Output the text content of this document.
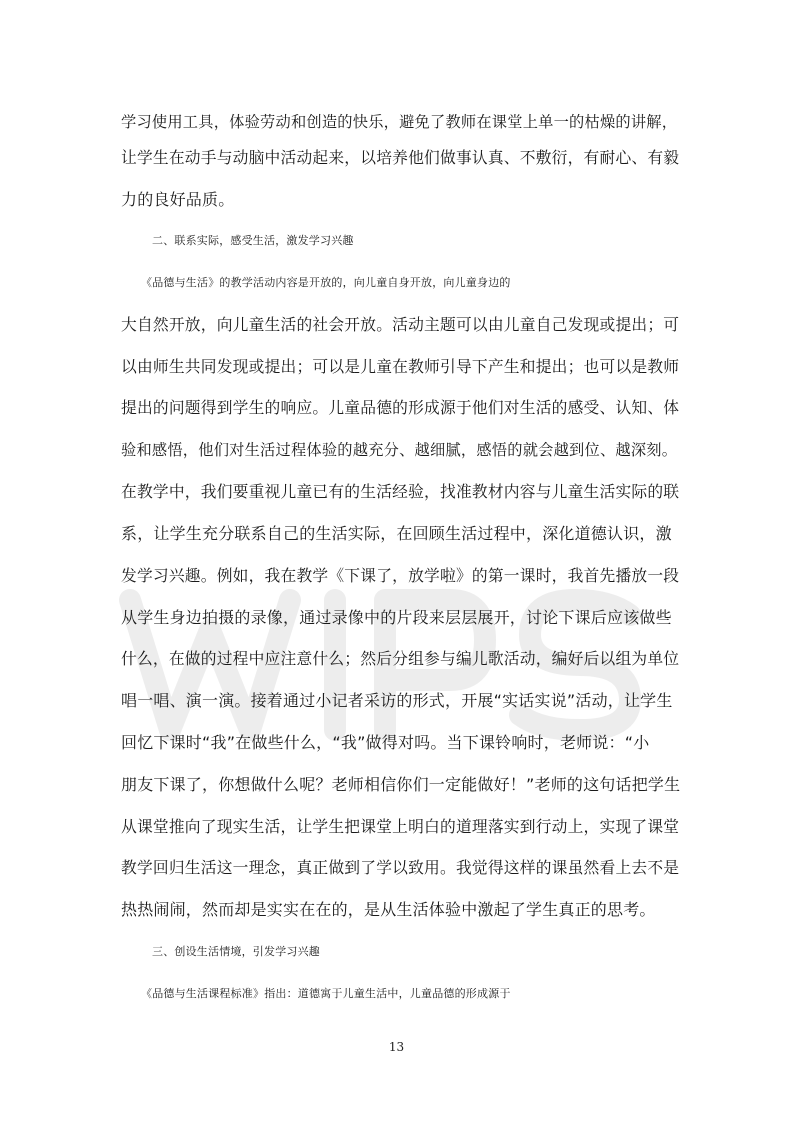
学习使用工具，体验劳动和创造的快乐，避免了教师在课堂上单一的枯燥的讲解，
让学生在动手与动脑中活动起来，以培养他们做事认真、不敷衍，有耐心、有毅
力的良好品质。
二、联系实际，感受生活，激发学习兴趣
《品德与生活》的教学活动内容是开放的，向儿童自身开放，向儿童身边的
大自然开放，向儿童生活的社会开放。活动主题可以由儿童自己发现或提出；可
以由师生共同发现或提出；可以是儿童在教师引导下产生和提出；也可以是教师
提出的问题得到学生的响应。儿童品德的形成源于他们对生活的感受、认知、体
验和感悟，他们对生活过程体验的越充分、越细腻，感悟的就会越到位、越深刻。
在教学中，我们要重视儿童已有的生活经验，找准教材内容与儿童生活实际的联
系，让学生充分联系自己的生活实际，在回顾生活过程中，深化道德认识，激
发学习兴趣。例如，我在教学《下课了，放学啦》的第一课时，我首先播放一段
从学生身边拍摄的录像，通过录像中的片段来层层展开，讨论下课后应该做些
什么，在做的过程中应注意什么；然后分组参与编儿歌活动，编好后以组为单位
唱一唱、演一演。接着通过小记者采访的形式，开展“实话实说”活动，让学生
回忆下课时“我”在做些什么，“我”做得对吗。当下课铃响时，老师说：“小
朋友下课了，你想做什么呢？老师相信你们一定能做好！”老师的这句话把学生
从课堂推向了现实生活，让学生把课堂上明白的道理落实到行动上，实现了课堂
教学回归生活这一理念，真正做到了学以致用。我觉得这样的课虽然看上去不是
热热闹闹，然而却是实实在在的，是从生活体验中激起了学生真正的思考。
三、创设生活情境，引发学习兴趣
《品德与生活课程标准》指出：道德寓于儿童生活中，儿童品德的形成源于
13
